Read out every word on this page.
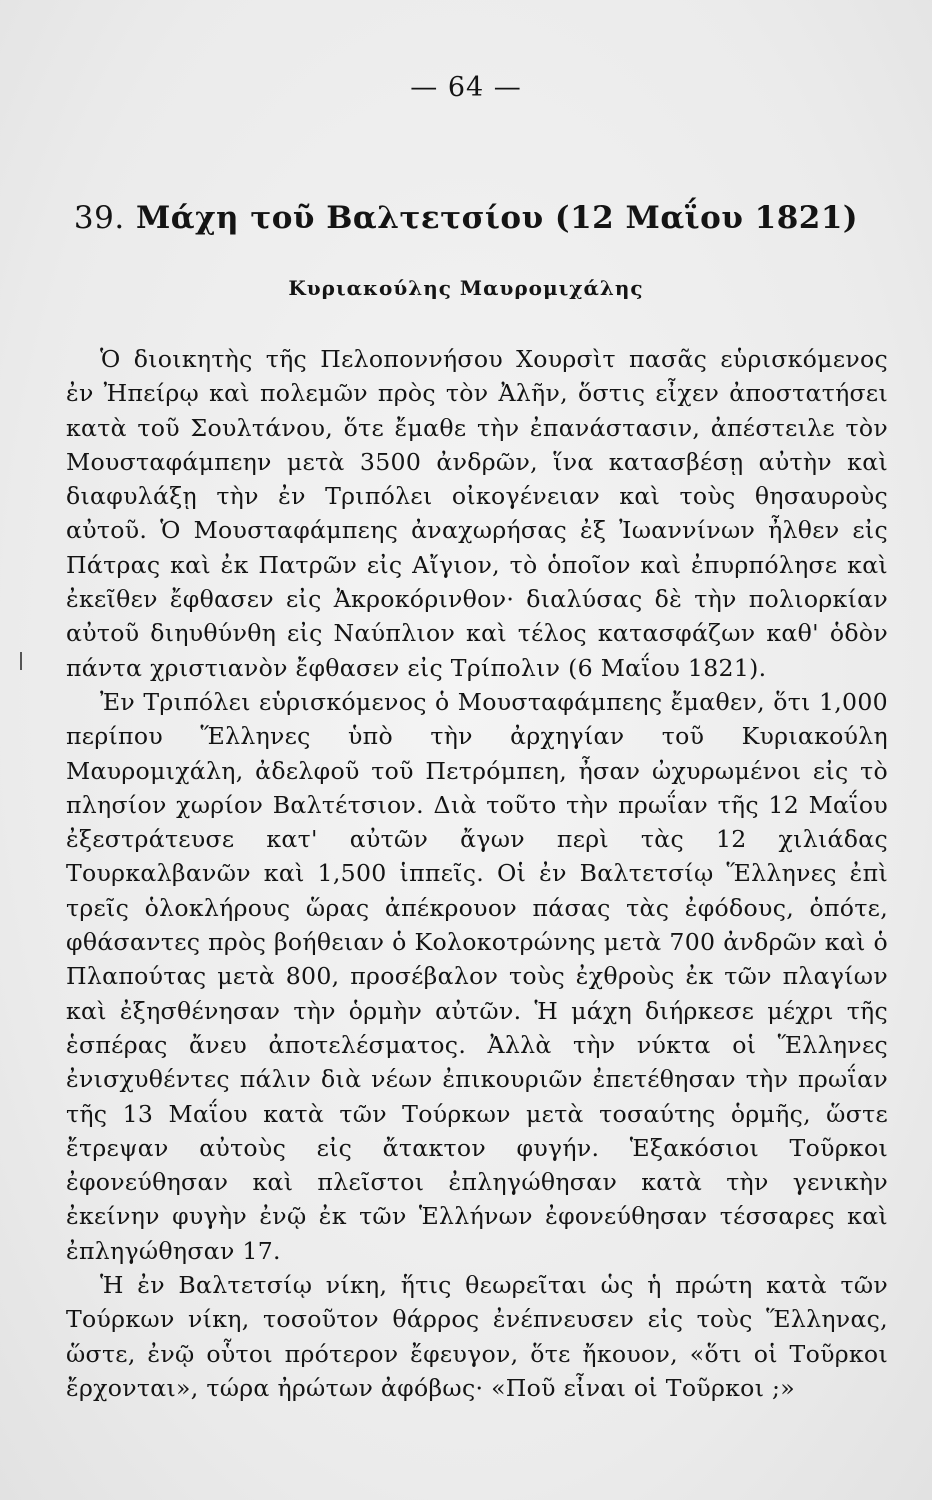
— 64 —
39. Μάχη τοῦ Βαλτετσίου (12 Μαΐου 1821)
Κυριακούλης Μαυρομιχάλης

Ὁ διοικητὴς τῆς Πελοποννήσου Χουρσὶτ πασᾶς εὑρισκόμενος ἐν Ἠπείρῳ καὶ πολεμῶν πρὸς τὸν Ἀλῆν, ὅστις εἶχεν ἀποστατήσει κατὰ τοῦ Σουλτάνου, ὅτε ἔμαθε τὴν ἐπανάστασιν, ἀπέστειλε τὸν Μουσταφάμπεην μετὰ 3500 ἀνδρῶν, ἵνα κατασβέσῃ αὐτὴν καὶ διαφυλάξῃ τὴν ἐν Τριπόλει οἰκογένειαν καὶ τοὺς θησαυροὺς αὐτοῦ. Ὁ Μουσταφάμπεης ἀναχωρήσας ἐξ Ἰωαννίνων ἦλθεν εἰς Πάτρας καὶ ἐκ Πατρῶν εἰς Αἴγιον, τὸ ὁποῖον καὶ ἐπυρπόλησε καὶ ἐκεῖθεν ἔφθασεν εἰς Ἀκροκόρινθον· διαλύσας δὲ τὴν πολιορκίαν αὐτοῦ διηυθύνθη εἰς Ναύπλιον καὶ τέλος κατασφάζων καθ' ὁδὸν πάντα χριστιανὸν ἔφθασεν εἰς Τρίπολιν (6 Μαΐου 1821).

Ἐν Τριπόλει εὑρισκόμενος ὁ Μουσταφάμπεης ἔμαθεν, ὅτι 1,000 περίπου Ἕλληνες ὑπὸ τὴν ἀρχηγίαν τοῦ Κυριακούλη Μαυρομιχάλη, ἀδελφοῦ τοῦ Πετρόμπεη, ἦσαν ὠχυρωμένοι εἰς τὸ πλησίον χωρίον Βαλτέτσιον. Διὰ τοῦτο τὴν πρωΐαν τῆς 12 Μαΐου ἐξεστράτευσε κατ' αὐτῶν ἄγων περὶ τὰς 12 χιλιάδας Τουρκαλβανῶν καὶ 1,500 ἱππεῖς. Οἱ ἐν Βαλτετσίῳ Ἕλληνες ἐπὶ τρεῖς ὁλοκλήρους ὥρας ἀπέκρουον πάσας τὰς ἐφόδους, ὁπότε, φθάσαντες πρὸς βοήθειαν ὁ Κολοκοτρώνης μετὰ 700 ἀνδρῶν καὶ ὁ Πλαπούτας μετὰ 800, προσέβαλον τοὺς ἐχθροὺς ἐκ τῶν πλαγίων καὶ ἐξησθένησαν τὴν ὁρμὴν αὐτῶν. Ἡ μάχη διήρκεσε μέχρι τῆς ἑσπέρας ἄνευ ἀποτελέσματος. Ἀλλὰ τὴν νύκτα οἱ Ἕλληνες ἐνισχυθέντες πάλιν διὰ νέων ἐπικουριῶν ἐπετέθησαν τὴν πρωΐαν τῆς 13 Μαΐου κατὰ τῶν Τούρκων μετὰ τοσαύτης ὁρμῆς, ὥστε ἔτρεψαν αὐτοὺς εἰς ἄτακτον φυγήν. Ἑξακόσιοι Τοῦρκοι ἐφονεύθησαν καὶ πλεῖστοι ἐπληγώθησαν κατὰ τὴν γενικὴν ἐκείνην φυγὴν ἐνῷ ἐκ τῶν Ἑλλήνων ἐφονεύθησαν τέσσαρες καὶ ἐπληγώθησαν 17.

Ἡ ἐν Βαλτετσίῳ νίκη, ἥτις θεωρεῖται ὡς ἡ πρώτη κατὰ τῶν Τούρκων νίκη, τοσοῦτον θάρρος ἐνέπνευσεν εἰς τοὺς Ἕλληνας, ὥστε, ἐνῷ οὗτοι πρότερον ἔφευγον, ὅτε ἤκουον, «ὅτι οἱ Τοῦρκοι ἔρχονται», τώρα ἠρώτων ἀφόβως· «Ποῦ εἶναι οἱ Τοῦρκοι ;»
